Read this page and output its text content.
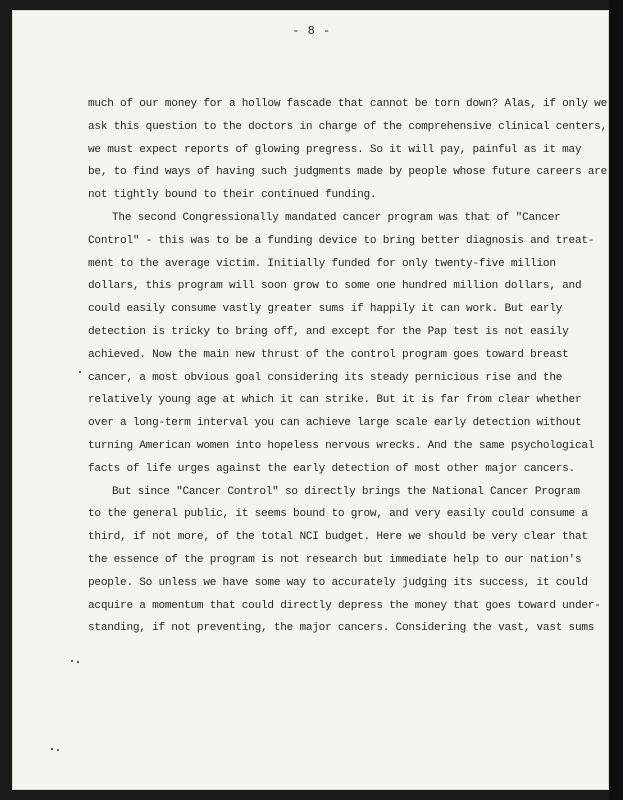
- 8 -
much of our money for a hollow fascade that cannot be torn down? Alas, if only we
ask this question to the doctors in charge of the comprehensive clinical centers,
we must expect reports of glowing pregress. So it will pay, painful as it may
be, to find ways of having such judgments made by people whose future careers are
not tightly bound to their continued funding.
The second Congressionally mandated cancer program was that of "Cancer
Control" - this was to be a funding device to bring better diagnosis and treat-
ment to the average victim. Initially funded for only twenty-five million
dollars, this program will soon grow to some one hundred million dollars, and
could easily consume vastly greater sums if happily it can work. But early
detection is tricky to bring off, and except for the Pap test is not easily
achieved. Now the main new thrust of the control program goes toward breast
cancer, a most obvious goal considering its steady pernicious rise and the
relatively young age at which it can strike. But it is far from clear whether
over a long-term interval you can achieve large scale early detection without
turning American women into hopeless nervous wrecks. And the same psychological
facts of life urges against the early detection of most other major cancers.
But since "Cancer Control" so directly brings the National Cancer Program
to the general public, it seems bound to grow, and very easily could consume a
third, if not more, of the total NCI budget. Here we should be very clear that
the essence of the program is not research but immediate help to our nation's
people. So unless we have some way to accurately judging its success, it could
acquire a momentum that could directly depress the money that goes toward under-
standing, if not preventing, the major cancers. Considering the vast, vast sums
